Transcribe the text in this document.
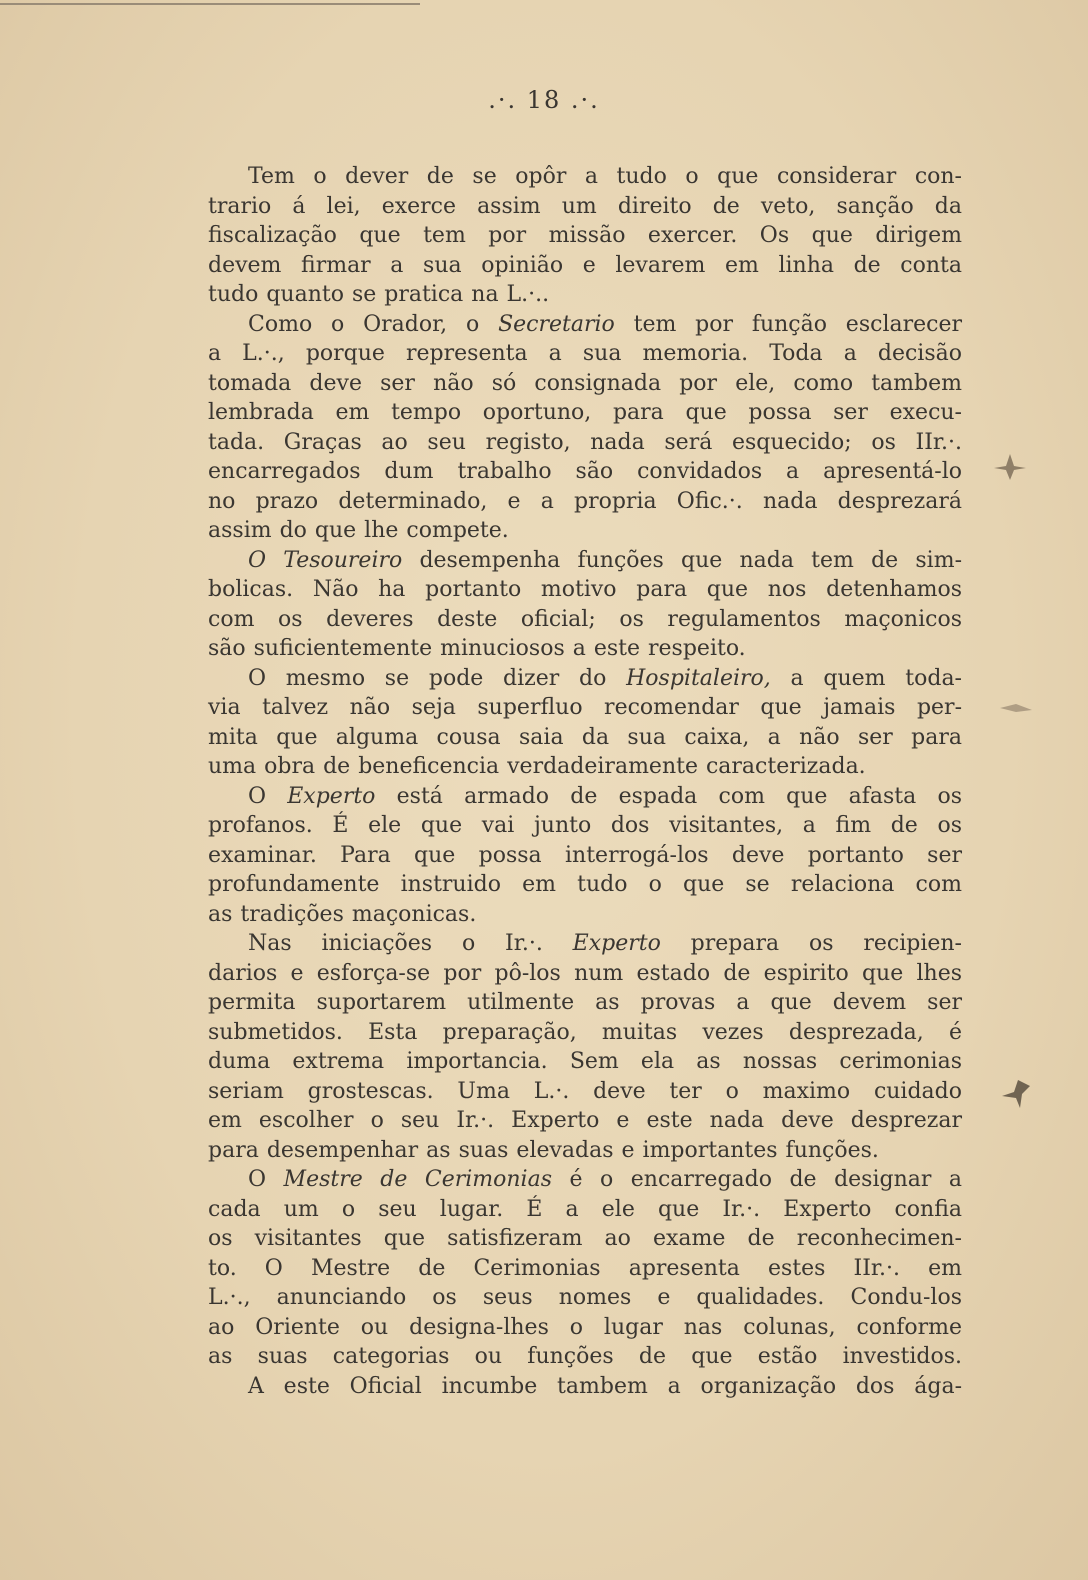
.·. 18 .·.
Tem o dever de se opôr a tudo o que considerar con-
trario á lei, exerce assim um direito de veto, sanção da
fiscalização que tem por missão exercer. Os que dirigem
devem firmar a sua opinião e levarem em linha de conta
tudo quanto se pratica na L.·..
Como o Orador, o Secretario tem por função esclarecer
a L.·., porque representa a sua memoria. Toda a decisão
tomada deve ser não só consignada por ele, como tambem
lembrada em tempo oportuno, para que possa ser execu-
tada. Graças ao seu registo, nada será esquecido; os IIr.·.
encarregados dum trabalho são convidados a apresentá-lo
no prazo determinado, e a propria Ofic.·. nada desprezará
assim do que lhe compete.
O Tesoureiro desempenha funções que nada tem de sim-
bolicas. Não ha portanto motivo para que nos detenhamos
com os deveres deste oficial; os regulamentos maçonicos
são suficientemente minuciosos a este respeito.
O mesmo se pode dizer do Hospitaleiro, a quem toda-
via talvez não seja superfluo recomendar que jamais per-
mita que alguma cousa saia da sua caixa, a não ser para
uma obra de beneficencia verdadeiramente caracterizada.
O Experto está armado de espada com que afasta os
profanos. É ele que vai junto dos visitantes, a fim de os
examinar. Para que possa interrogá-los deve portanto ser
profundamente instruido em tudo o que se relaciona com
as tradições maçonicas.
Nas iniciações o Ir.·. Experto prepara os recipien-
darios e esforça-se por pô-los num estado de espirito que lhes
permita suportarem utilmente as provas a que devem ser
submetidos. Esta preparação, muitas vezes desprezada, é
duma extrema importancia. Sem ela as nossas cerimonias
seriam grostescas. Uma L.·. deve ter o maximo cuidado
em escolher o seu Ir.·. Experto e este nada deve desprezar
para desempenhar as suas elevadas e importantes funções.
O Mestre de Cerimonias é o encarregado de designar a
cada um o seu lugar. É a ele que Ir.·. Experto confia
os visitantes que satisfizeram ao exame de reconhecimen-
to. O Mestre de Cerimonias apresenta estes IIr.·. em
L.·., anunciando os seus nomes e qualidades. Condu-los
ao Oriente ou designa-lhes o lugar nas colunas, conforme
as suas categorias ou funções de que estão investidos.
A este Oficial incumbe tambem a organização dos ága-
